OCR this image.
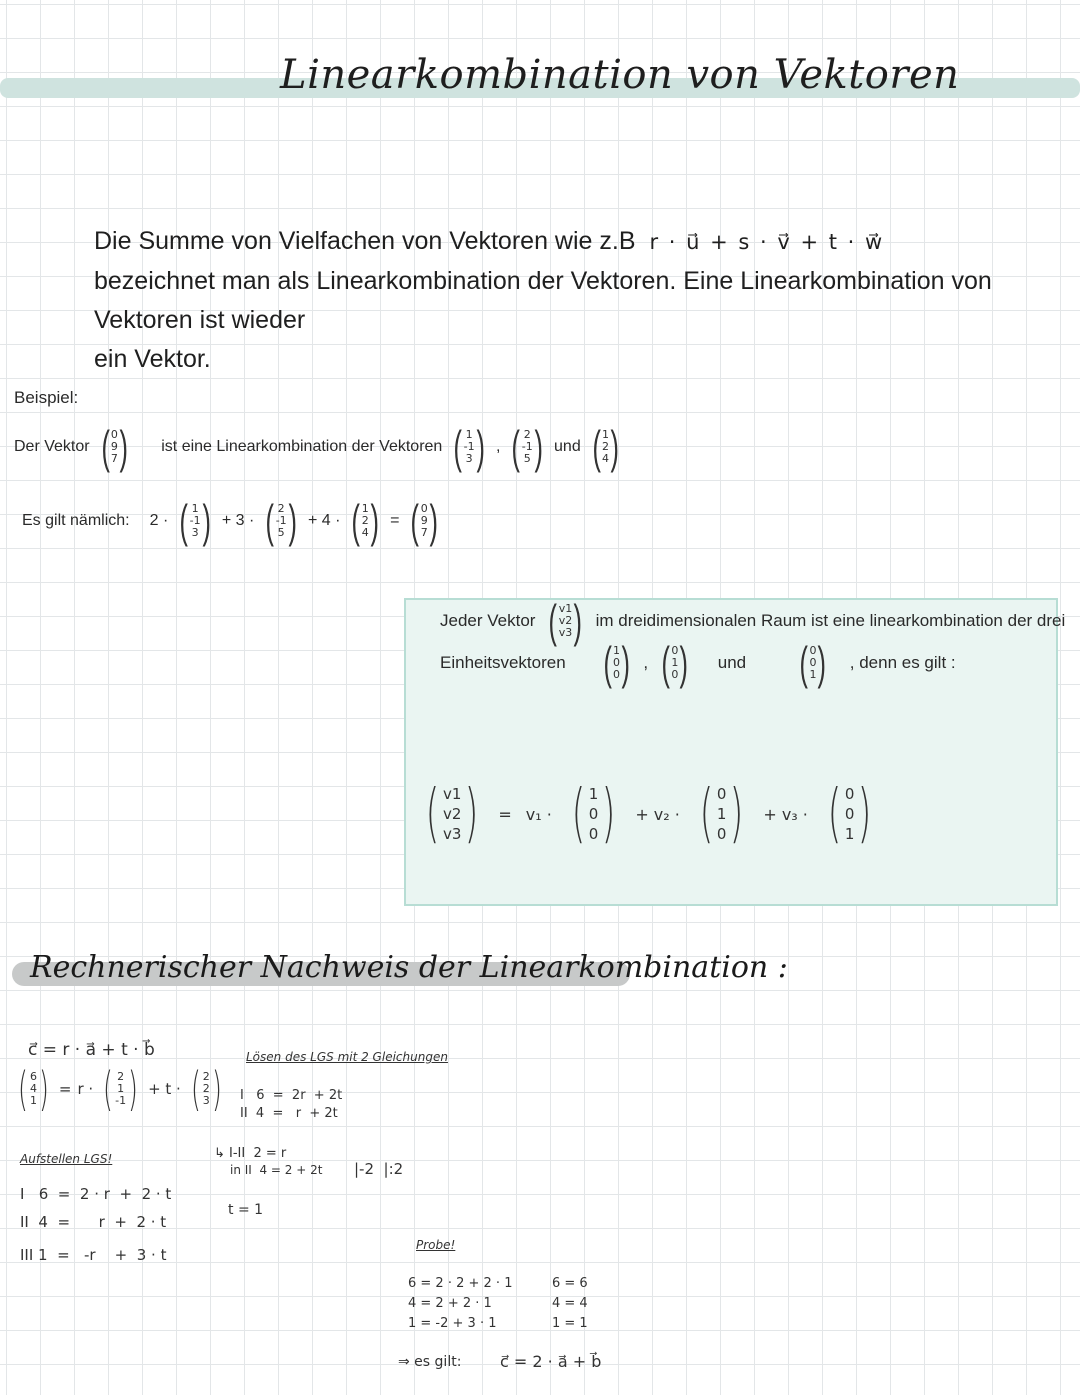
Linearkombination von Vektoren

Die Summe von Vielfachen von Vektoren wie z.B r · u⃗ + s · v⃗ + t · w⃗

bezeichnet man als Linearkombination der Vektoren. Eine Linearkombination von Vektoren ist wieder

ein Vektor.

Beispiel:
Der Vektor ( 0
9
7 ) ist eine Linearkombination der Vektoren ( 1
-1
3 ) , ( 2
-1
5 ) und ( 1
2
4 )
Es gilt nämlich: 2 · ( 1
-1
3 ) + 3 · ( 2
-1
5 ) + 4 · ( 1
2
4 ) = ( 0
9
7 )
Jeder Vektor ( v1
v2
v3 ) im dreidimensionalen Raum ist eine linearkombination der drei
Einheitsvektoren ( 1
0
0 ) , ( 0
1
0 ) und ( 0
0
1 ) , denn es gilt :
( v1
v2
v3 ) = v₁ · ( 1
0
0 ) + v₂ · ( 0
1
0 ) + v₃ · ( 0
0
1 )
Rechnerischer Nachweis der Linearkombination :
c⃗ = r · a⃗ + t · b⃗
( 6
4
1 ) = r · ( 2
1
-1 ) + t · ( 2
2
3 )
Aufstellen LGS!
I   6  =  2 · r  +  2 · t
II  4  =      r  +  2 · t
III 1  =   -r    +  3 · t
Lösen des LGS mit 2 Gleichungen
I   6  =  2r  + 2t
II  4  =   r  + 2t
↳ I-II  2 = r
in II  4 = 2 + 2t |-2  |:2
t = 1
Probe!
6 = 2 · 2 + 2 · 1
4 = 2 + 2 · 1
1 = -2 + 3 · 1
6 = 6
4 = 4
1 = 1
⇒ es gilt: c⃗ = 2 · a⃗ + b⃗
